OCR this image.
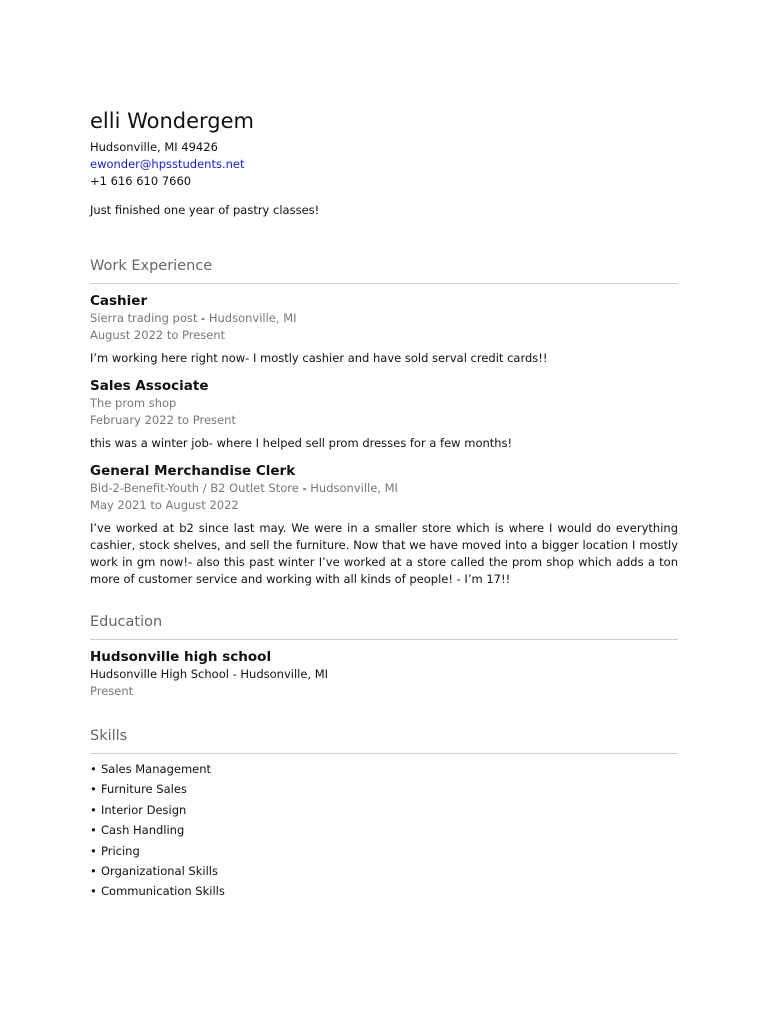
elli Wondergem
Hudsonville, MI 49426
ewonder@hpsstudents.net
+1 616 610 7660
Just finished one year of pastry classes!
Work Experience
Cashier
Sierra trading post - Hudsonville, MI
August 2022 to Present
I’m working here right now- I mostly cashier and have sold serval credit cards!!
Sales Associate
The prom shop
February 2022 to Present
this was a winter job- where I helped sell prom dresses for a few months!
General Merchandise Clerk
Bid-2-Benefit-Youth / B2 Outlet Store - Hudsonville, MI
May 2021 to August 2022
I’ve worked at b2 since last may. We were in a smaller store which is where I would do everything cashier, stock shelves, and sell the furniture. Now that we have moved into a bigger location I mostly work in gm now!- also this past winter I’ve worked at a store called the prom shop which adds a ton more of customer service and working with all kinds of people! - I’m 17!!
Education
Hudsonville high school
Hudsonville High School - Hudsonville, MI
Present
Skills
• Sales Management
• Furniture Sales
• Interior Design
• Cash Handling
• Pricing
• Organizational Skills
• Communication Skills
